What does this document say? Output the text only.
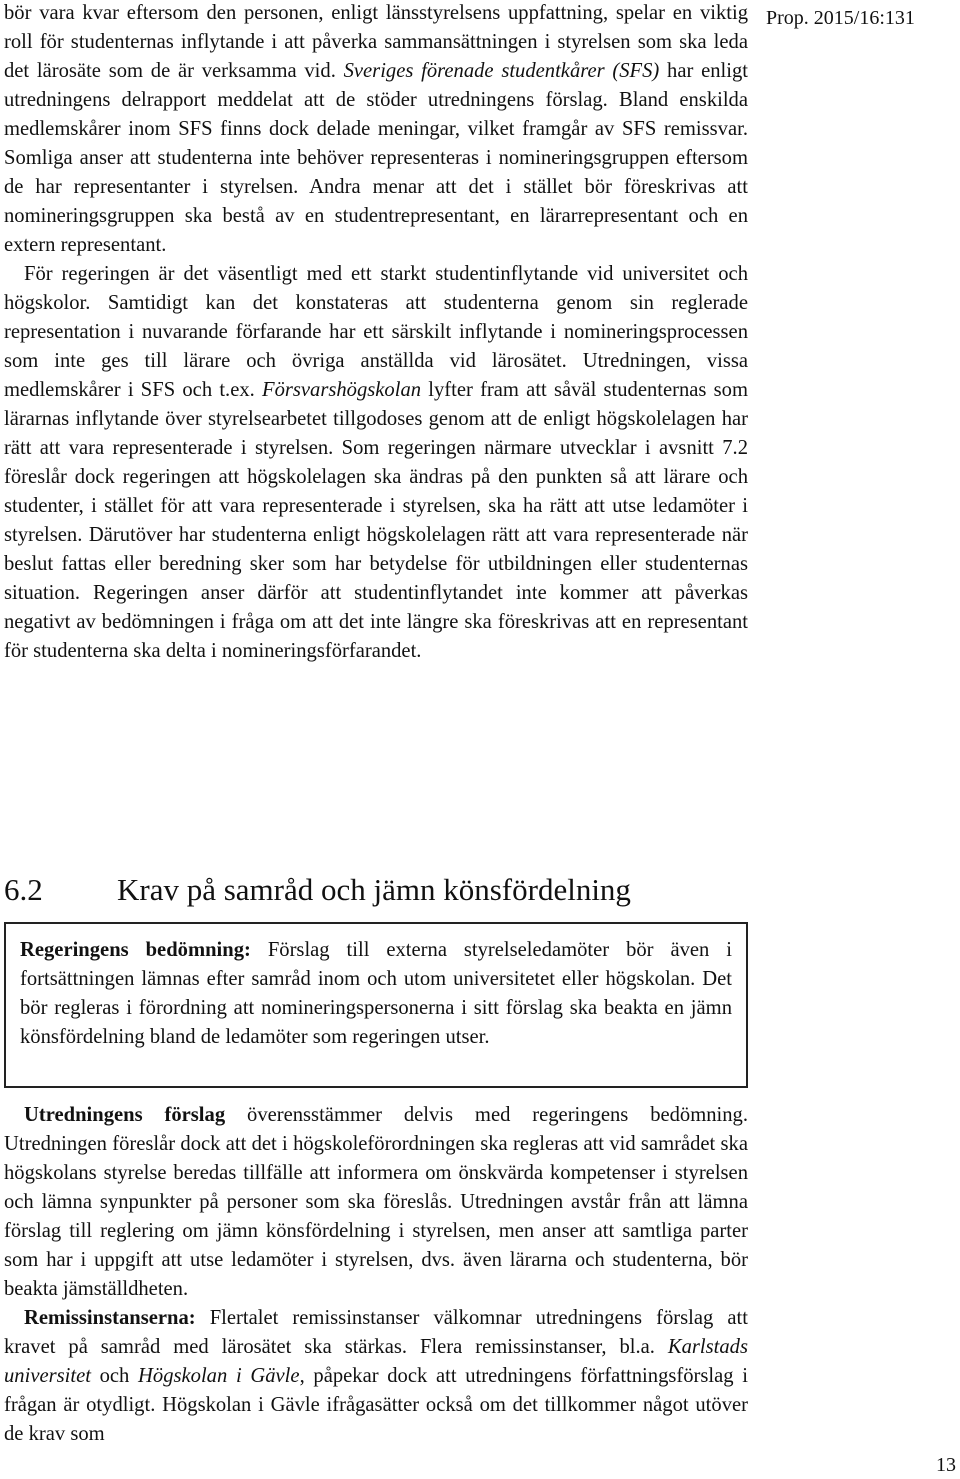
Prop. 2015/16:131

bör vara kvar eftersom den personen, enligt länsstyrelsens uppfattning, spelar en viktig roll för studenternas inflytande i att påverka sammansättningen i styrelsen som ska leda det lärosäte som de är verksamma vid. Sveriges förenade studentkårer (SFS) har enligt utredningens delrapport meddelat att de stöder utredningens förslag. Bland enskilda medlemskårer inom SFS finns dock delade meningar, vilket framgår av SFS remissvar. Somliga anser att studenterna inte behöver representeras i nomineringsgruppen eftersom de har representanter i styrelsen. Andra menar att det i stället bör föreskrivas att nomineringsgruppen ska bestå av en studentrepresentant, en lärarrepresentant och en extern representant.

För regeringen är det väsentligt med ett starkt studentinflytande vid universitet och högskolor. Samtidigt kan det konstateras att studenterna genom sin reglerade representation i nuvarande förfarande har ett särskilt inflytande i nomineringsprocessen som inte ges till lärare och övriga anställda vid lärosätet. Utredningen, vissa medlemskårer i SFS och t.ex. Försvarshögskolan lyfter fram att såväl studenternas som lärarnas inflytande över styrelsearbetet tillgodoses genom att de enligt högskolelagen har rätt att vara representerade i styrelsen. Som regeringen närmare utvecklar i avsnitt 7.2 föreslår dock regeringen att högskolelagen ska ändras på den punkten så att lärare och studenter, i stället för att vara representerade i styrelsen, ska ha rätt att utse ledamöter i styrelsen. Därutöver har studenterna enligt högskolelagen rätt att vara representerade när beslut fattas eller beredning sker som har betydelse för utbildningen eller studenternas situation. Regeringen anser därför att studentinflytandet inte kommer att påverkas negativt av bedömningen i fråga om att det inte längre ska föreskrivas att en representant för studenterna ska delta i nomineringsförfarandet.

6.2 Krav på samråd och jämn könsfördelning

Regeringens bedömning: Förslag till externa styrelseledamöter bör även i fortsättningen lämnas efter samråd inom och utom universitetet eller högskolan. Det bör regleras i förordning att nomineringspersonerna i sitt förslag ska beakta en jämn könsfördelning bland de ledamöter som regeringen utser.

Utredningens förslag överensstämmer delvis med regeringens bedömning. Utredningen föreslår dock att det i högskoleförordningen ska regleras att vid samrådet ska högskolans styrelse beredas tillfälle att informera om önskvärda kompetenser i styrelsen och lämna synpunkter på personer som ska föreslås. Utredningen avstår från att lämna förslag till reglering om jämn könsfördelning i styrelsen, men anser att samtliga parter som har i uppgift att utse ledamöter i styrelsen, dvs. även lärarna och studenterna, bör beakta jämställdheten.

Remissinstanserna: Flertalet remissinstanser välkomnar utredningens förslag att kravet på samråd med lärosätet ska stärkas. Flera remissinstanser, bl.a. Karlstads universitet och Högskolan i Gävle, påpekar dock att utredningens författningsförslag i frågan är otydligt. Högskolan i Gävle ifrågasätter också om det tillkommer något utöver de krav som

13
